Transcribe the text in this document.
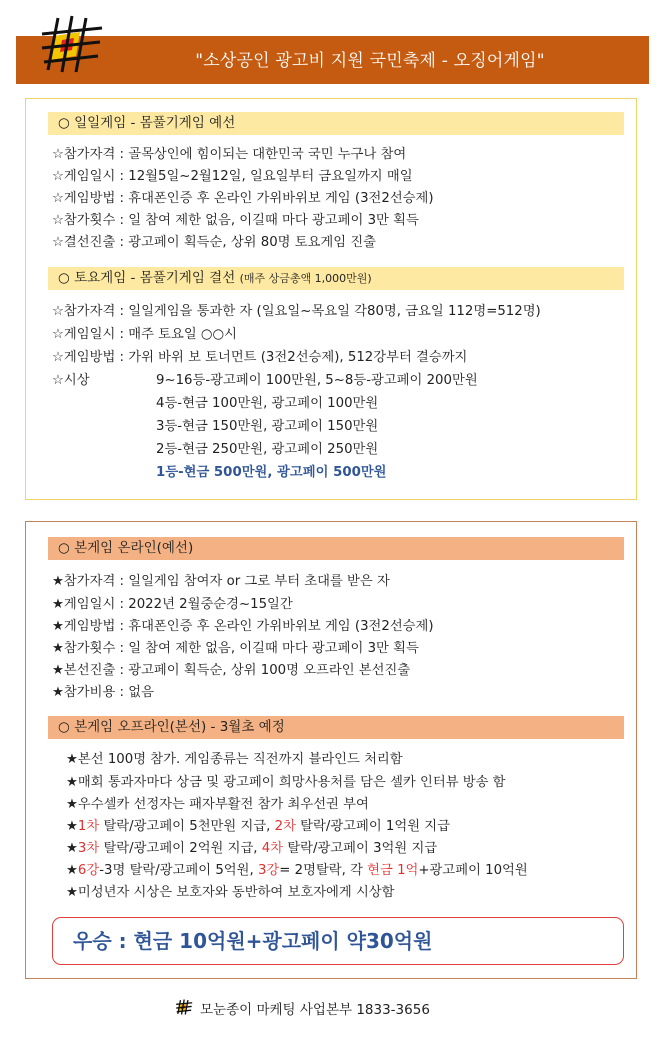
"소상공인 광고비 지원 국민축제 - 오징어게임"
○ 일일게임 - 몸풀기게임 예선
☆참가자격 : 골목상인에 힘이되는 대한민국 국민 누구나 참여
☆게임일시 : 12월5일~2월12일, 일요일부터 금요일까지 매일
☆게임방법 : 휴대폰인증 후 온라인 가위바위보 게임 (3전2선승제)
☆참가횟수 : 일 참여 제한 없음, 이길때 마다 광고페이 3만 획득
☆결선진출 : 광고페이 획득순, 상위 80명 토요게임 진출
○ 토요게임 - 몸풀기게임 결선 (매주 상금총액 1,000만원)
☆참가자격 : 일일게임을 통과한 자 (일요일~목요일 각80명, 금요일 112명=512명)
☆게임일시 : 매주 토요일 ○○시
☆게임방법 : 가위 바위 보 토너먼트 (3전2선승제), 512강부터 결승까지
☆시상	9~16등-광고페이 100만원, 5~8등-광고페이 200만원
4등-현금 100만원, 광고페이 100만원
3등-현금 150만원, 광고페이 150만원
2등-현금 250만원, 광고페이 250만원
1등-현금 500만원, 광고페이 500만원
○ 본게임 온라인(예선)
★참가자격 : 일일게임 참여자 or 그로 부터 초대를 받은 자
★게임일시 : 2022년 2월중순경~15일간
★게임방법 : 휴대폰인증 후 온라인 가위바위보 게임 (3전2선승제)
★참가횟수 : 일 참여 제한 없음, 이길때 마다 광고페이 3만 획득
★본선진출 : 광고페이 획득순, 상위 100명 오프라인 본선진출
★참가비용 : 없음
○ 본게임 오프라인(본선) - 3월초 예정
★본선 100명 참가. 게임종류는 직전까지 블라인드 처리함
★매회 통과자마다 상금 및 광고페이 희망사용처를 담은 셀카 인터뷰 방송 함
★우수셀카 선정자는 패자부활전 참가 최우선권 부여
★1차 탈락/광고페이 5천만원 지급, 2차 탈락/광고페이 1억원 지급
★3차 탈락/광고페이 2억원 지급, 4차 탈락/광고페이 3억원 지급
★6강-3명 탈락/광고페이 5억원, 3강= 2명탈락, 각 현금 1억+광고페이 10억원
★미성년자 시상은 보호자와 동반하여 보호자에게 시상함
우승 : 현금 10억원+광고페이 약30억원
모눈종이 마케팅 사업본부 1833-3656
